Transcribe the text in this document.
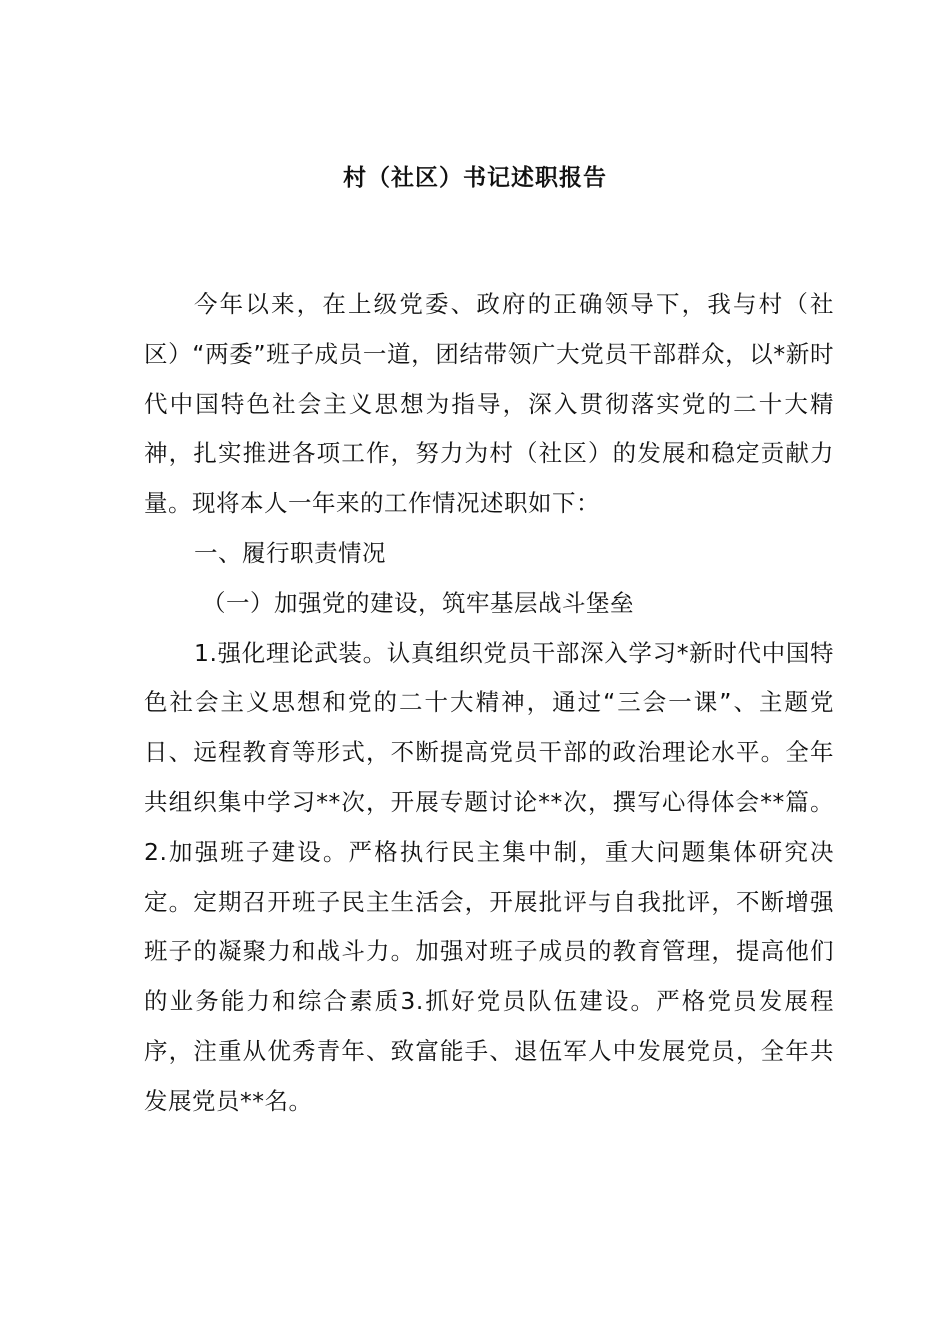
村（社区）书记述职报告

今年以来，在上级党委、政府的正确领导下，我与村（社区）“两委”班子成员一道，团结带领广大党员干部群众，以*新时代中国特色社会主义思想为指导，深入贯彻落实党的二十大精神，扎实推进各项工作，努力为村（社区）的发展和稳定贡献力量。现将本人一年来的工作情况述职如下：

一、履行职责情况

（一）加强党的建设，筑牢基层战斗堡垒

1.强化理论武装。认真组织党员干部深入学习*新时代中国特色社会主义思想和党的二十大精神，通过“三会一课”、主题党日、远程教育等形式，不断提高党员干部的政治理论水平。全年共组织集中学习**次，开展专题讨论**次，撰写心得体会**篇。2.加强班子建设。严格执行民主集中制，重大问题集体研究决定。定期召开班子民主生活会，开展批评与自我批评，不断增强班子的凝聚力和战斗力。加强对班子成员的教育管理，提高他们的业务能力和综合素质3.抓好党员队伍建设。严格党员发展程序，注重从优秀青年、致富能手、退伍军人中发展党员，全年共发展党员**名。
